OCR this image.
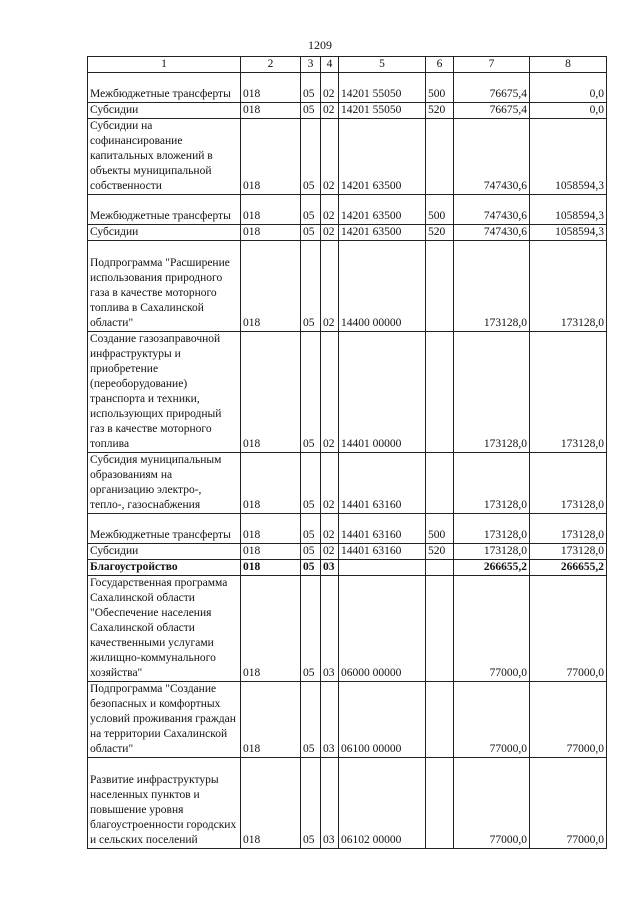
1209
1	2	3	4	5	6	7	8
Межбюджетные трансферты	018	05	02	14201 55050	500	76675,4	0,0
Субсидии	018	05	02	14201 55050	520	76675,4	0,0
Субсидии на софинансирование капитальных вложений в объекты муниципальной собственности	018	05	02	14201 63500		747430,6	1058594,3
Межбюджетные трансферты	018	05	02	14201 63500	500	747430,6	1058594,3
Субсидии	018	05	02	14201 63500	520	747430,6	1058594,3
Подпрограмма "Расширение использования природного газа в качестве моторного топлива в Сахалинской области"	018	05	02	14400 00000		173128,0	173128,0
Создание газозаправочной инфраструктуры и приобретение (переоборудование) транспорта и техники, использующих природный газ в качестве моторного топлива	018	05	02	14401 00000		173128,0	173128,0
Субсидия муниципальным образованиям на организацию электро-, тепло-, газоснабжения	018	05	02	14401 63160		173128,0	173128,0
Межбюджетные трансферты	018	05	02	14401 63160	500	173128,0	173128,0
Субсидии	018	05	02	14401 63160	520	173128,0	173128,0
Благоустройство	018	05	03			266655,2	266655,2
Государственная программа Сахалинской области "Обеспечение населения Сахалинской области качественными услугами жилищно-коммунального хозяйства"	018	05	03	06000 00000		77000,0	77000,0
Подпрограмма "Создание безопасных и комфортных условий проживания граждан на территории Сахалинской области"	018	05	03	06100 00000		77000,0	77000,0
Развитие инфраструктуры населенных пунктов и повышение уровня благоустроенности городских и сельских поселений	018	05	03	06102 00000		77000,0	77000,0
